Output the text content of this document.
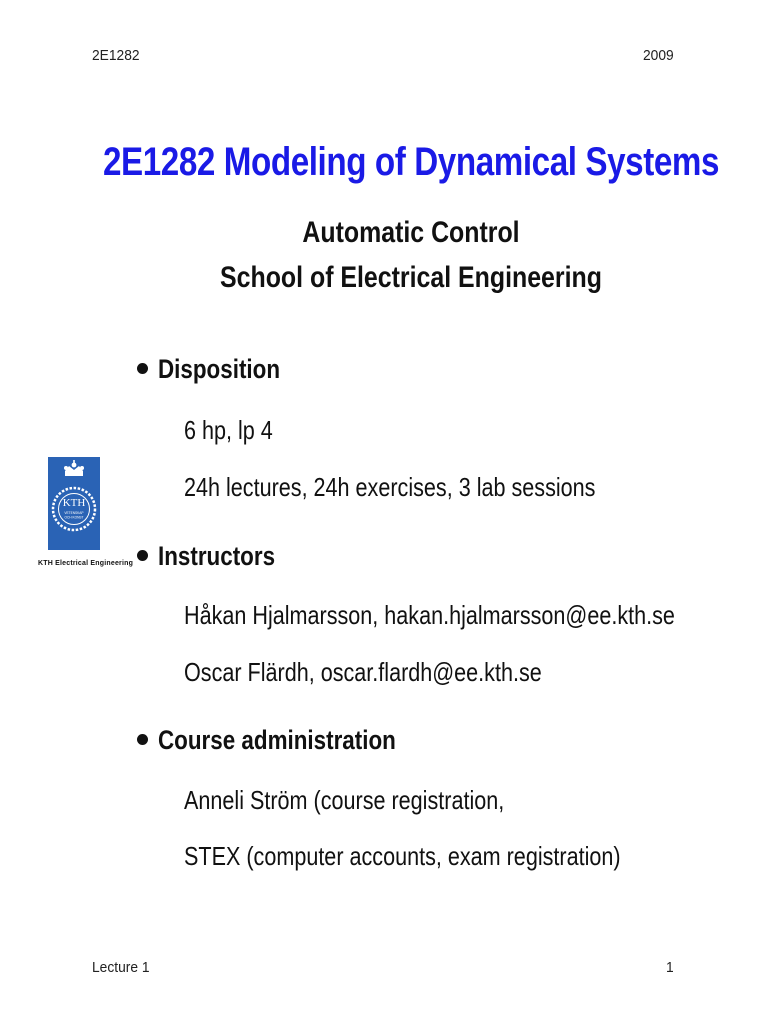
2E1282	2009
2E1282 Modeling of Dynamical Systems
Automatic Control
School of Electrical Engineering
KTH
VETENSKAP
OCH KONST
KTH Electrical Engineering
Disposition
6 hp, lp 4
24h lectures, 24h exercises, 3 lab sessions
Instructors
Håkan Hjalmarsson, hakan.hjalmarsson@ee.kth.se
Oscar Flärdh, oscar.flardh@ee.kth.se
Course administration
Anneli Ström (course registration,
STEX (computer accounts, exam registration)
Lecture 1	1
